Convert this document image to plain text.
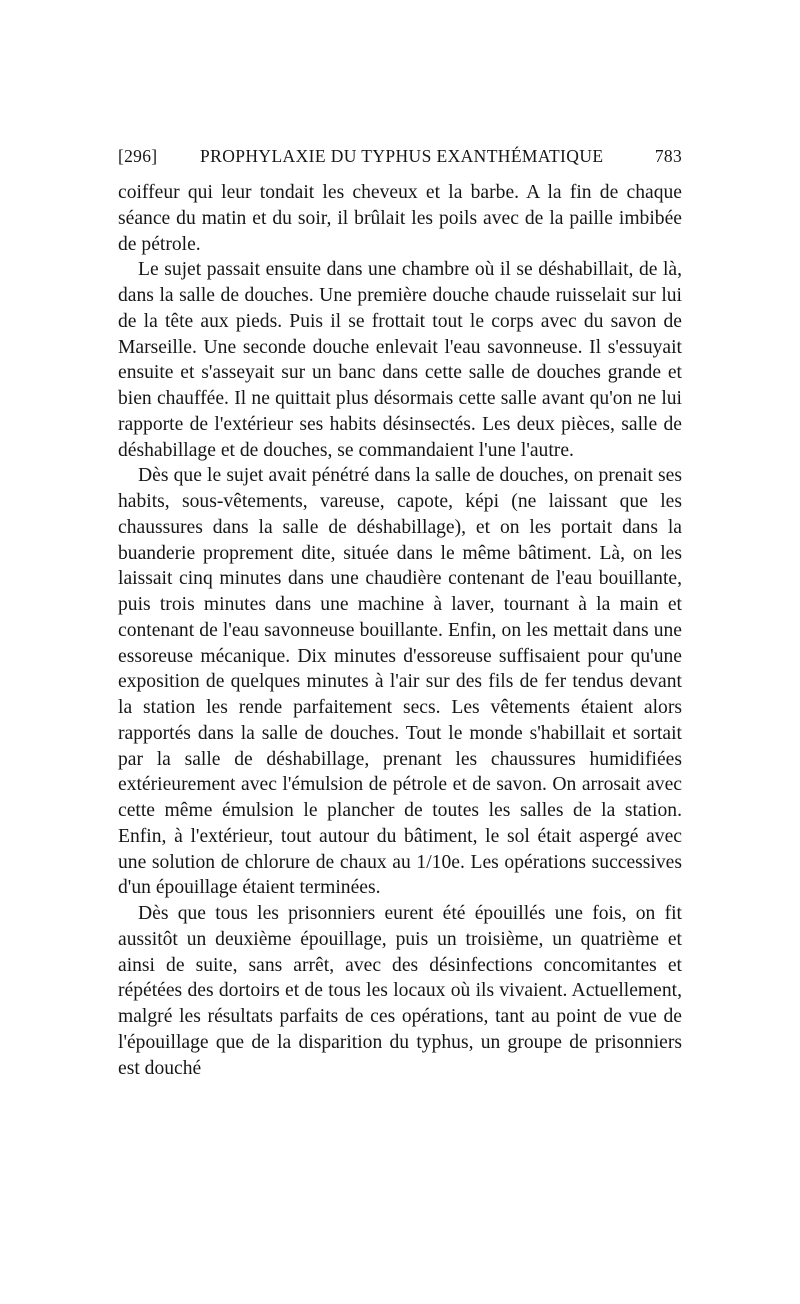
[296] PROPHYLAXIE DU TYPHUS EXANTHÉMATIQUE	783

coiffeur qui leur tondait les cheveux et la barbe. A la fin de chaque séance du matin et du soir, il brûlait les poils avec de la paille imbibée de pétrole.

Le sujet passait ensuite dans une chambre où il se déshabillait, de là, dans la salle de douches. Une première douche chaude ruisselait sur lui de la tête aux pieds. Puis il se frottait tout le corps avec du savon de Marseille. Une seconde douche enlevait l'eau savonneuse. Il s'essuyait ensuite et s'asseyait sur un banc dans cette salle de douches grande et bien chauffée. Il ne quittait plus désormais cette salle avant qu'on ne lui rapporte de l'extérieur ses habits désinsectés. Les deux pièces, salle de déshabillage et de douches, se commandaient l'une l'autre.

Dès que le sujet avait pénétré dans la salle de douches, on prenait ses habits, sous-vêtements, vareuse, capote, képi (ne laissant que les chaussures dans la salle de déshabillage), et on les portait dans la buanderie proprement dite, située dans le même bâtiment. Là, on les laissait cinq minutes dans une chaudière contenant de l'eau bouillante, puis trois minutes dans une machine à laver, tournant à la main et contenant de l'eau savonneuse bouillante. Enfin, on les mettait dans une essoreuse mécanique. Dix minutes d'essoreuse suffisaient pour qu'une exposition de quelques minutes à l'air sur des fils de fer tendus devant la station les rende parfaitement secs. Les vêtements étaient alors rapportés dans la salle de douches. Tout le monde s'habillait et sortait par la salle de déshabillage, prenant les chaussures humidifiées extérieurement avec l'émulsion de pétrole et de savon. On arrosait avec cette même émulsion le plancher de toutes les salles de la station. Enfin, à l'extérieur, tout autour du bâtiment, le sol était aspergé avec une solution de chlorure de chaux au 1/10e. Les opérations successives d'un épouillage étaient terminées.

Dès que tous les prisonniers eurent été épouillés une fois, on fit aussitôt un deuxième épouillage, puis un troisième, un quatrième et ainsi de suite, sans arrêt, avec des désinfections concomitantes et répétées des dortoirs et de tous les locaux où ils vivaient. Actuellement, malgré les résultats parfaits de ces opérations, tant au point de vue de l'épouillage que de la disparition du typhus, un groupe de prisonniers est douché
